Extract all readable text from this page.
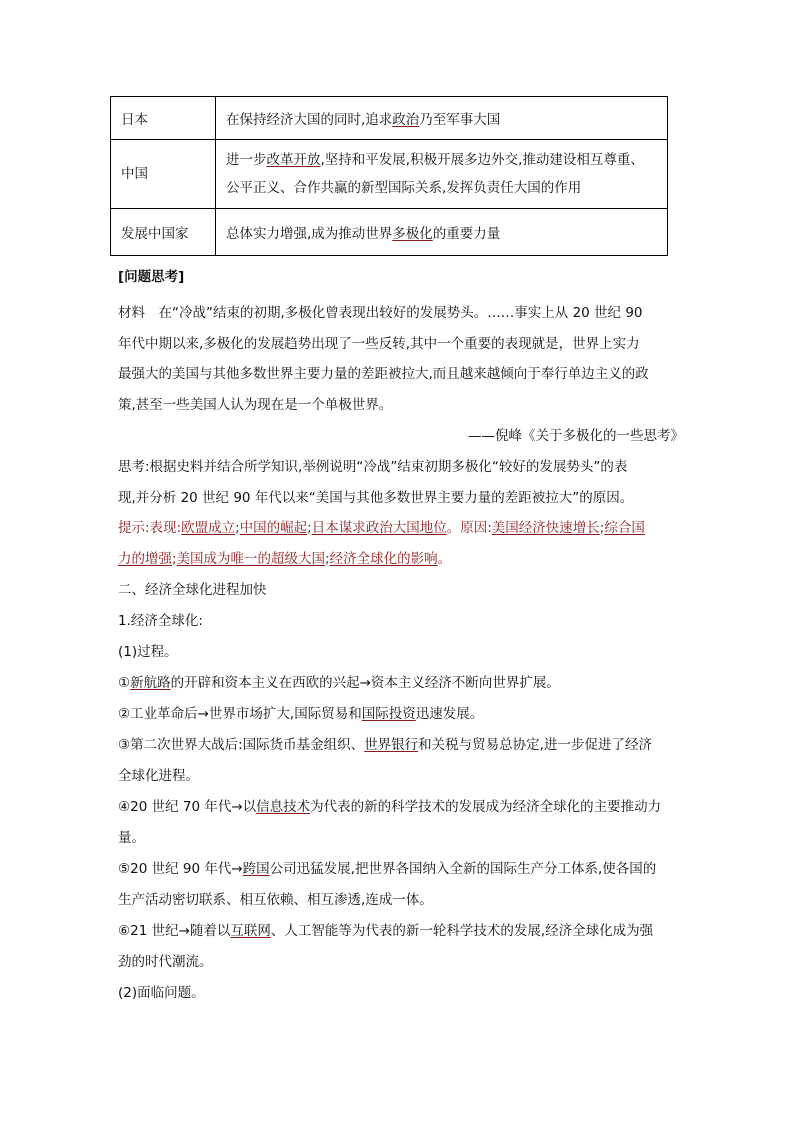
日本	在保持经济大国的同时,追求政治乃至军事大国
中国	进一步改革开放,坚持和平发展,积极开展多边外交,推动建设相互尊重、
公平正义、合作共赢的新型国际关系,发挥负责任大国的作用
发展中国家	总体实力增强,成为推动世界多极化的重要力量
[问题思考]
材料　在“冷战”结束的初期,多极化曾表现出较好的发展势头。……事实上从 20 世纪 90
年代中期以来,多极化的发展趋势出现了一些反转,其中一个重要的表现就是，世界上实力
最强大的美国与其他多数世界主要力量的差距被拉大,而且越来越倾向于奉行单边主义的政
策,甚至一些美国人认为现在是一个单极世界。
——倪峰《关于多极化的一些思考》
思考:根据史料并结合所学知识,举例说明“冷战”结束初期多极化“较好的发展势头”的表
现,并分析 20 世纪 90 年代以来“美国与其他多数世界主要力量的差距被拉大”的原因。
提示:表现:欧盟成立;中国的崛起;日本谋求政治大国地位。原因:美国经济快速增长;综合国
力的增强;美国成为唯一的超级大国;经济全球化的影响。
二、经济全球化进程加快
1.经济全球化:
(1)过程。
①新航路的开辟和资本主义在西欧的兴起→资本主义经济不断向世界扩展。
②工业革命后→世界市场扩大,国际贸易和国际投资迅速发展。
③第二次世界大战后:国际货币基金组织、世界银行和关税与贸易总协定,进一步促进了经济
全球化进程。
④20 世纪 70 年代→以信息技术为代表的新的科学技术的发展成为经济全球化的主要推动力
量。
⑤20 世纪 90 年代→跨国公司迅猛发展,把世界各国纳入全新的国际生产分工体系,使各国的
生产活动密切联系、相互依赖、相互渗透,连成一体。
⑥21 世纪→随着以互联网、人工智能等为代表的新一轮科学技术的发展,经济全球化成为强
劲的时代潮流。
(2)面临问题。
